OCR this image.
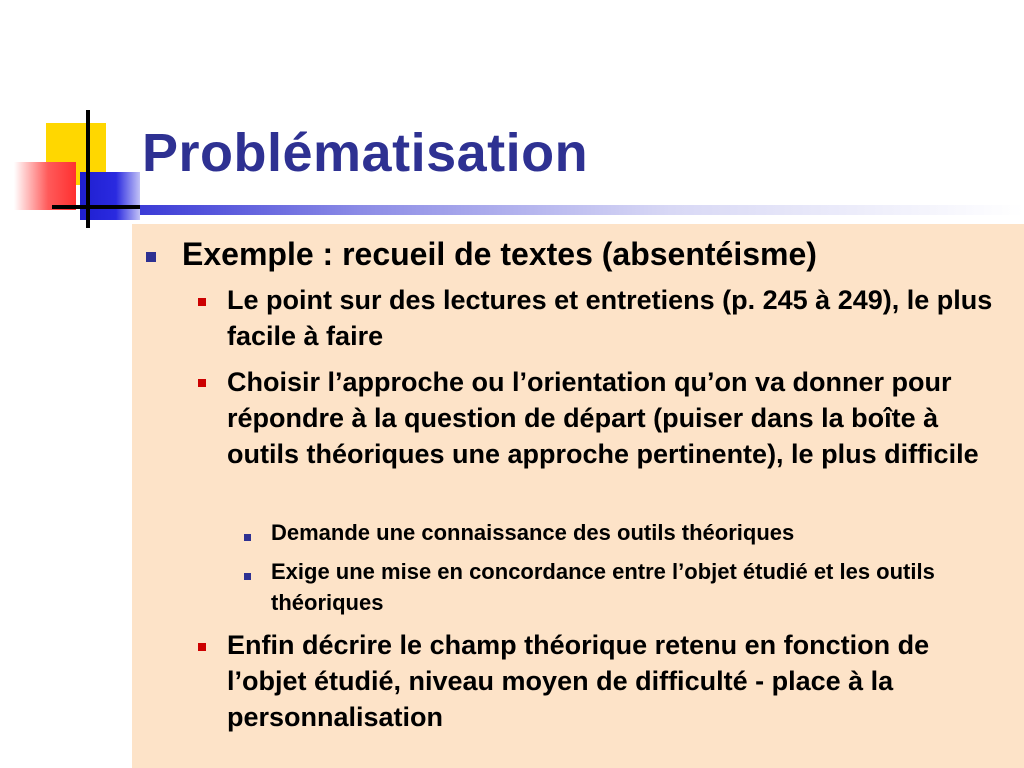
Problématisation
Exemple : recueil de textes (absentéisme)
Le point sur des lectures et entretiens (p. 245 à 249), le plus facile à faire
Choisir l’approche ou l’orientation qu’on va donner pour répondre à la question de départ (puiser dans la boîte à outils théoriques une approche pertinente), le plus difficile
Demande une connaissance des outils théoriques
Exige une mise en concordance entre l’objet étudié et les outils théoriques
Enfin décrire le champ théorique retenu en fonction de l’objet étudié, niveau moyen de difficulté - place à la personnalisation
